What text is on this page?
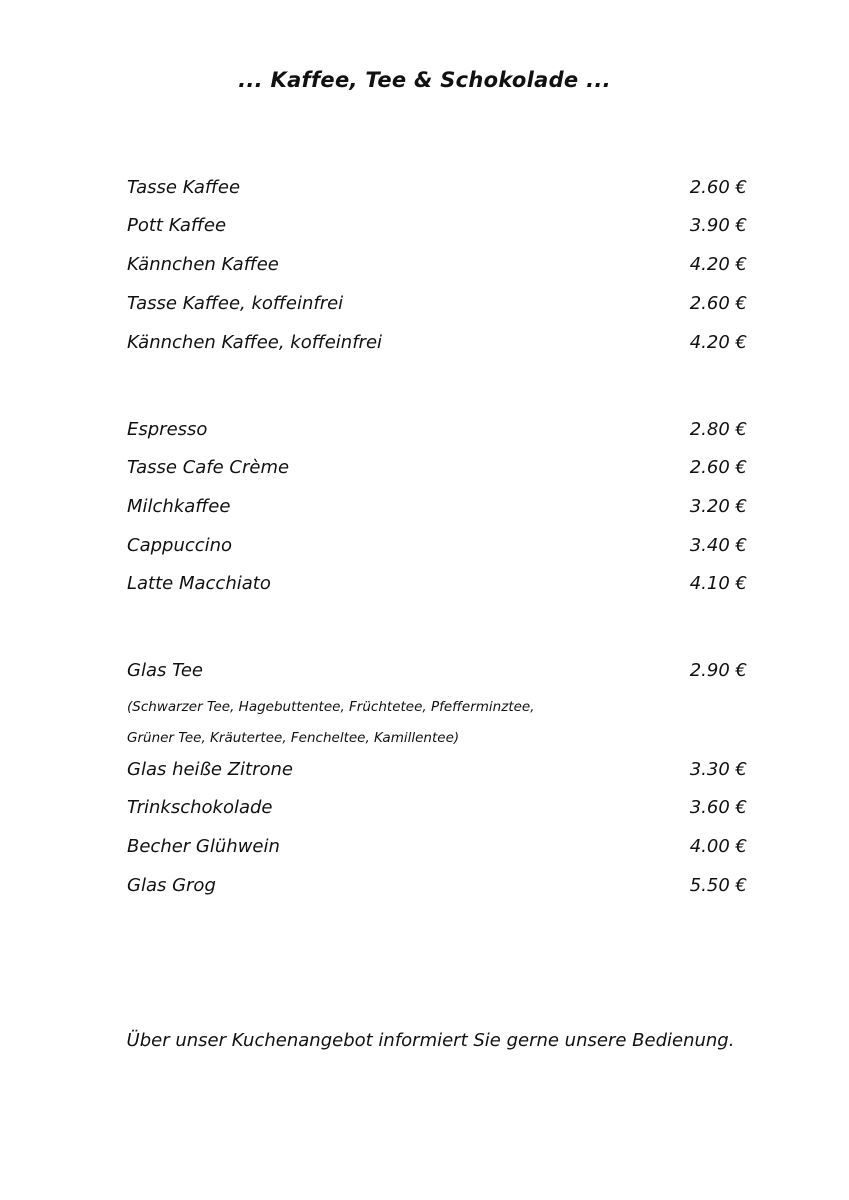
... Kaffee, Tee & Schokolade ...
Tasse Kaffee	2.60 €
Pott Kaffee	3.90 €
Kännchen Kaffee	4.20 €
Tasse Kaffee, koffeinfrei	2.60 €
Kännchen Kaffee, koffeinfrei	4.20 €
Espresso	2.80 €
Tasse Cafe Crème	2.60 €
Milchkaffee	3.20 €
Cappuccino	3.40 €
Latte Macchiato	4.10 €
Glas Tee	2.90 €
(Schwarzer Tee, Hagebuttentee, Früchtetee, Pfefferminztee,
Grüner Tee, Kräutertee, Fencheltee, Kamillentee)
Glas heiße Zitrone	3.30 €
Trinkschokolade	3.60 €
Becher Glühwein	4.00 €
Glas Grog	5.50 €
Über unser Kuchenangebot informiert Sie gerne unsere Bedienung.
